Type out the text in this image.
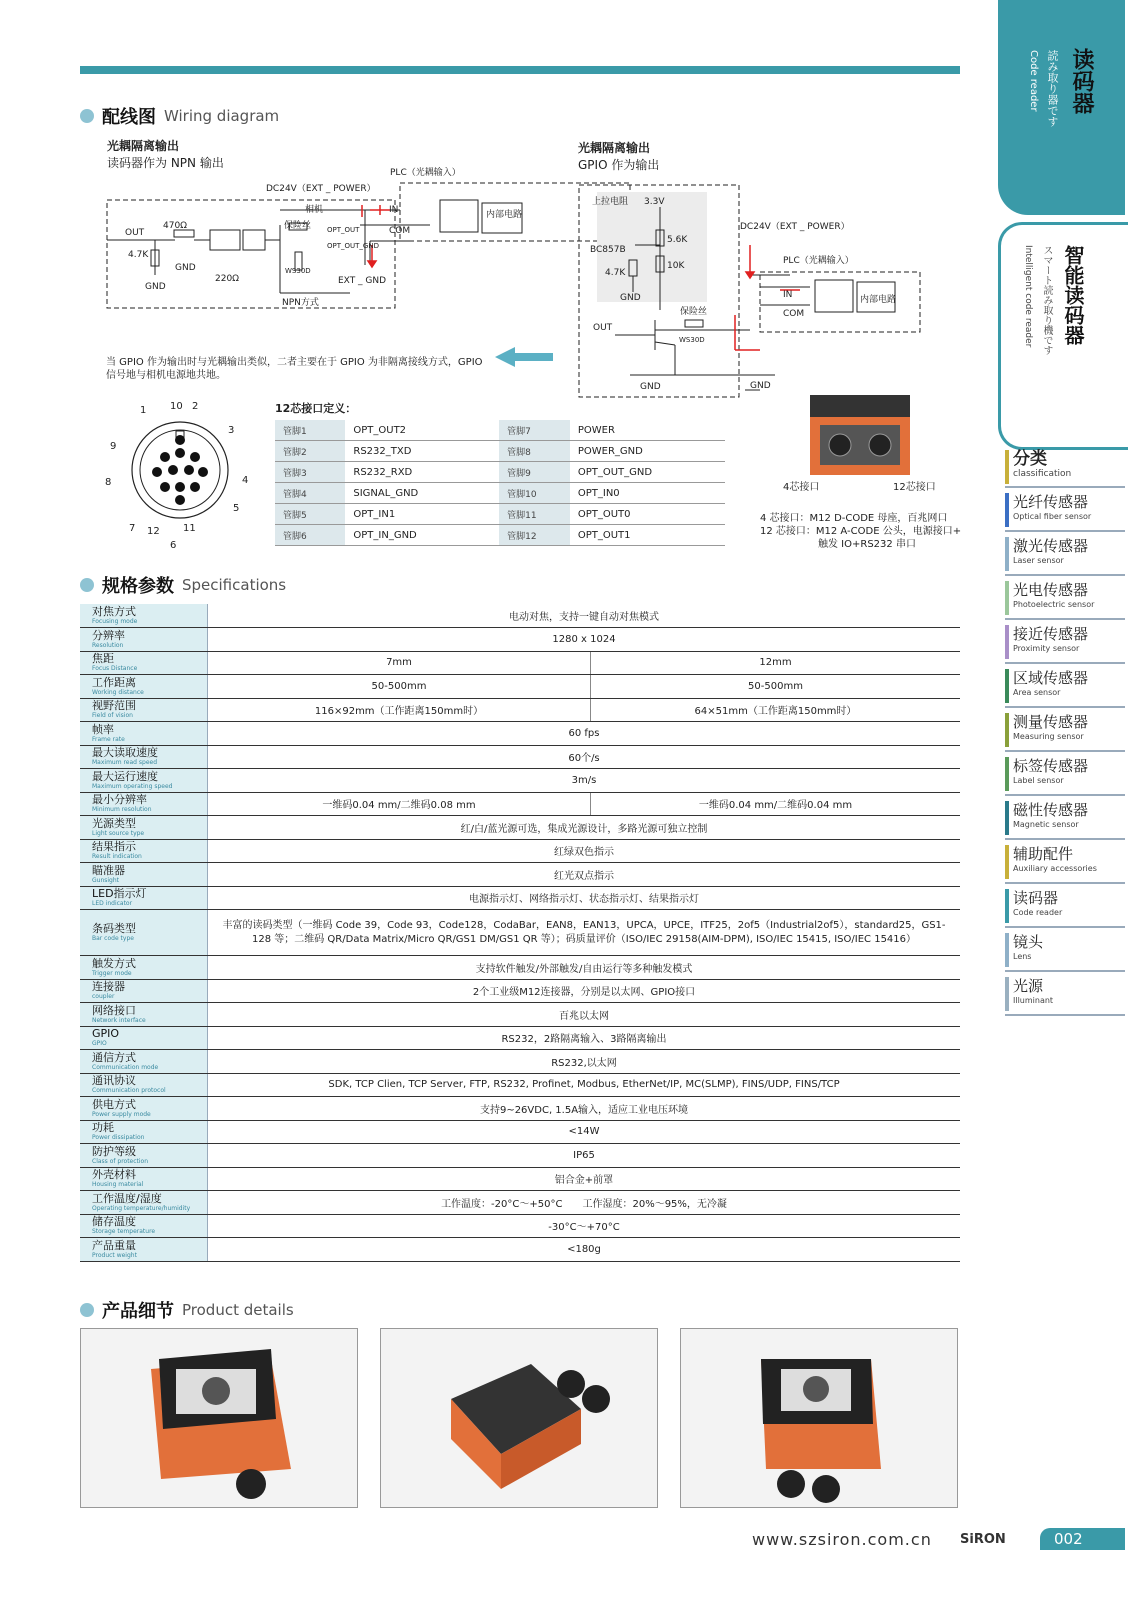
读码器
読み取り器です
Code reader
智能读码器
スマート読み取り機です
Intelligent code reader
分类
classification
光纤传感器
Optical fiber sensor
激光传感器
Laser sensor
光电传感器
Photoelectric sensor
接近传感器
Proximity sensor
区域传感器
Area sensor
测量传感器
Measuring sensor
标签传感器
Label sensor
磁性传感器
Magnetic sensor
辅助配件
Auxiliary accessories
读码器
Code reader
镜头
Lens
光源
Illuminant
配线图 Wiring diagram
光耦隔离输出
读码器作为 NPN 输出
光耦隔离输出
GPIO 作为输出
PLC（光耦输入）
DC24V（EXT _ POWER）
相机
OUT
470Ω
4.7K
GND
GND
保险丝 OPT_OUT
OPT_OUT_GND
WS30D
220Ω
NPN方式
EXT _ GND
IN
COM
内部电路
当 GPIO 作为输出时与光耦输出类似，二者主要在于 GPIO 为非隔离接线方式，GPIO 信号地与相机电源地共地。
上拉电阻 3.3V
BC857B
5.6K
10K
4.7K
GND
OUT
保险丝
WS30D
DC24V（EXT _ POWER）
PLC（光耦输入）
IN
COM
内部电路
GND
GND
1 10 2
3
9
8	4
5
7 12 11
6
12芯接口定义：
管脚1	OPT_OUT2	管脚7	POWER
管脚2	RS232_TXD	管脚8	POWER_GND
管脚3	RS232_RXD	管脚9	OPT_OUT_GND
管脚4	SIGNAL_GND	管脚10	OPT_IN0
管脚5	OPT_IN1	管脚11	OPT_OUT0
管脚6	OPT_IN_GND	管脚12	OPT_OUT1
4芯接口	12芯接口
4 芯接口：M12 D-CODE 母座，百兆网口
12 芯接口：M12 A-CODE 公头，电源接口+
触发 IO+RS232 串口
规格参数 Specifications
对焦方式
Focusing mode	电动对焦，支持一键自动对焦模式	

分辨率
Resolution	1280 x 1024	

焦距
Focus Distance	7mm	12mm

工作距离
Working distance	50-500mm	50-500mm

视野范围
Field of vision	116×92mm（工作距离150mm时）	64×51mm（工作距离150mm时）

帧率
Frame rate	60 fps	

最大读取速度
Maximum read speed	60个/s	

最大运行速度
Maximum operating speed	3m/s	

最小分辨率
Minimum resolution	一维码0.04 mm/二维码0.08 mm	一维码0.04 mm/二维码0.04 mm

光源类型
Light source type	红/白/蓝光源可选，集成光源设计，多路光源可独立控制	

结果指示
Result indication	红绿双色指示	

瞄准器
Gunsight	红光双点指示	

LED指示灯
LED indicator	电源指示灯、网络指示灯、状态指示灯、结果指示灯	

条码类型
Bar code type	丰富的读码类型（一维码 Code 39，Code 93，Code128，CodaBar，EAN8，EAN13，UPCA，UPCE，ITF25，2of5（Industrial2of5），standard25，GS1-128 等；二维码 QR/Data Matrix/Micro QR/GS1 DM/GS1 QR 等）；码质量评价（ISO/IEC 29158(AIM-DPM), ISO/IEC 15415, ISO/IEC 15416）	

触发方式
Trigger mode	支持软件触发/外部触发/自由运行等多种触发模式	

连接器
coupler	2个工业级M12连接器，分别是以太网、GPIO接口	

网络接口
Network interface	百兆以太网	

GPIO
GPIO	RS232，2路隔离输入、3路隔离输出	

通信方式
Communication mode	RS232,以太网	

通讯协议
Communication protocol	SDK, TCP Clien, TCP Server, FTP, RS232, Profinet, Modbus, EtherNet/IP, MC(SLMP), FINS/UDP, FINS/TCP	

供电方式
Power supply mode	支持9~26VDC, 1.5A输入，适应工业电压环境	

功耗
Power dissipation	<14W	

防护等级
Class of protection	IP65	

外壳材料
Housing material	铝合金+前罩	

工作温度/湿度
Operating temperature/humidity	工作温度：-20°C～+50°C　　工作湿度：20%～95%，无冷凝	

储存温度
Storage temperature	-30°C～+70°C	

产品重量
Product weight	<180g	
产品细节 Product details
www.szsiron.com.cn SiRON	002
